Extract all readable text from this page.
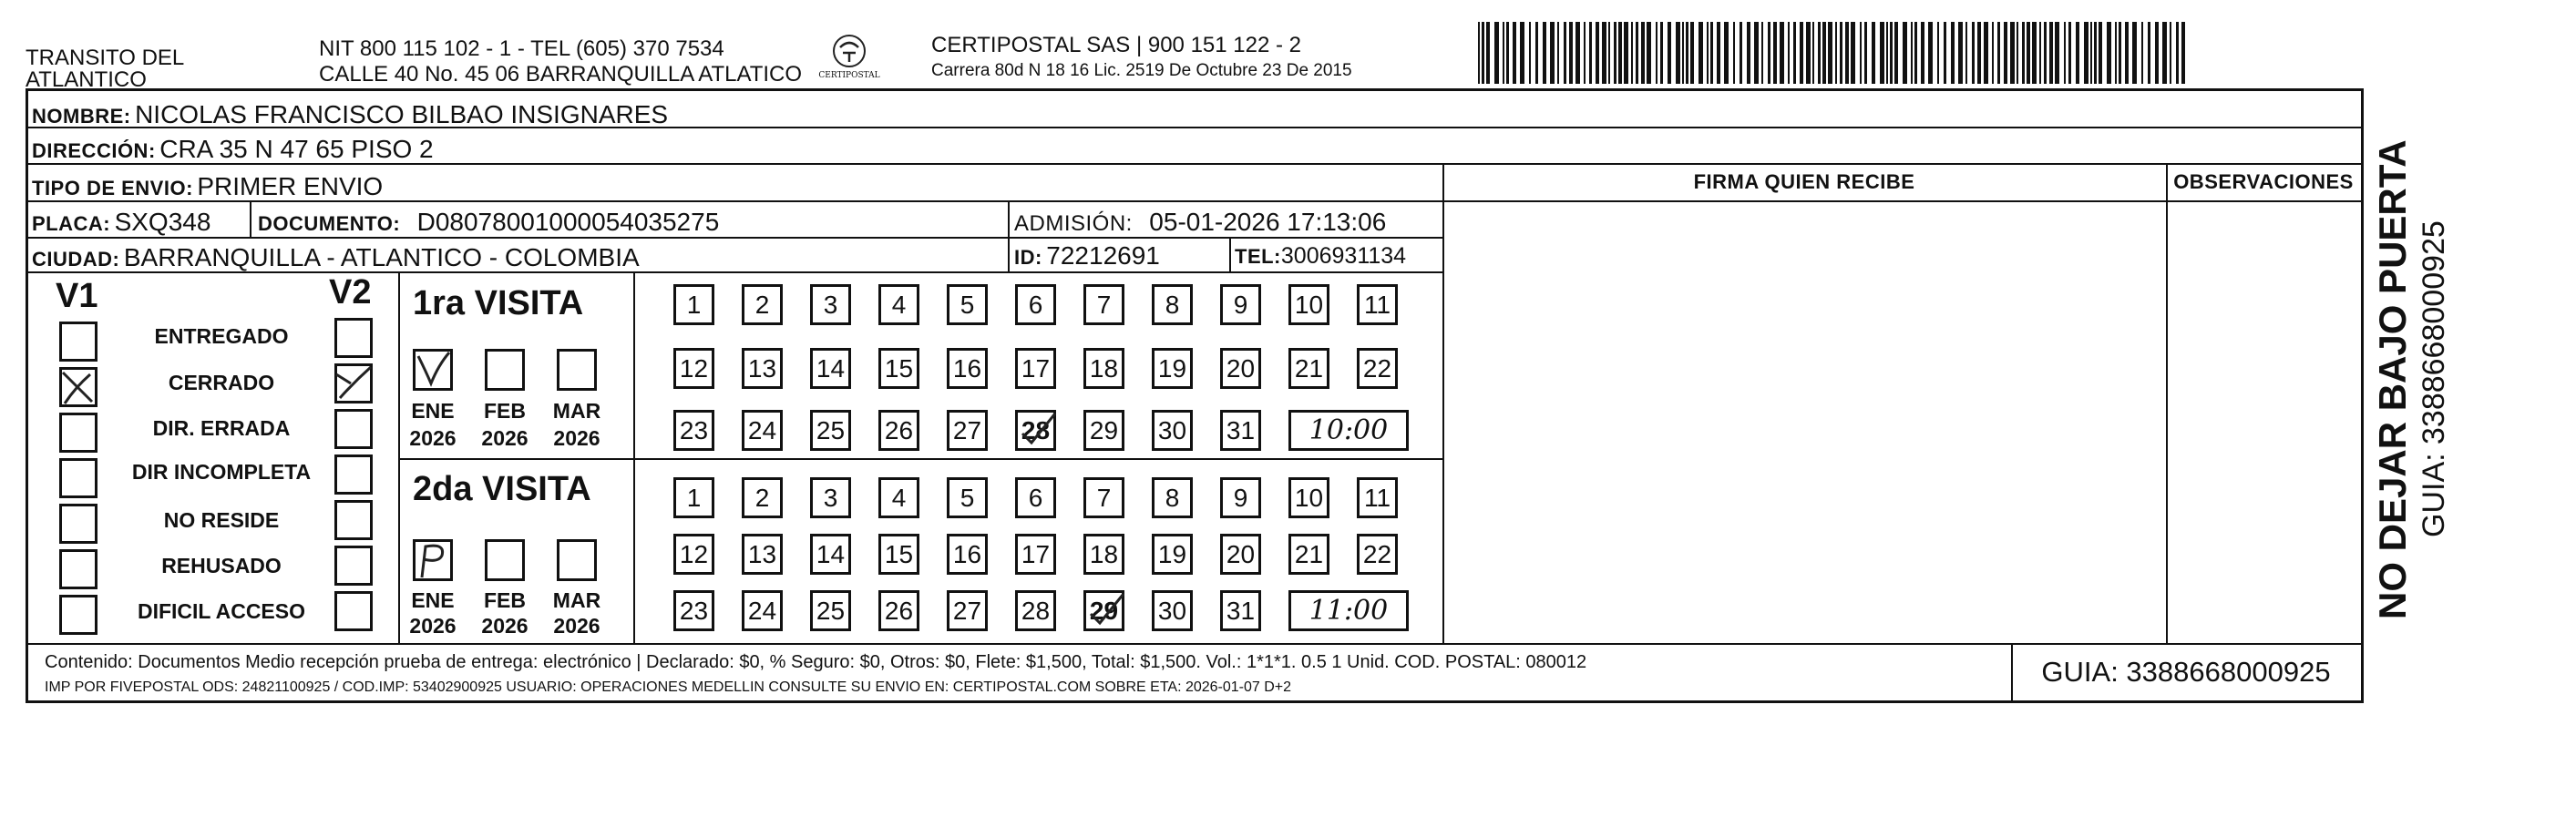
TRANSITO DEL
ATLANTICO
NIT 800 115 102 - 1 - TEL (605) 370 7534
CALLE 40 No. 45 06 BARRANQUILLA ATLATICO	CERTIPOSTAL
CERTIPOSTAL SAS | 900 151 122 - 2
Carrera 80d N 18 16 Lic. 2519 De Octubre 23 De 2015
NOMBRE: NICOLAS FRANCISCO BILBAO INSIGNARES
DIRECCIÓN: CRA 35 N 47 65 PISO 2
TIPO DE ENVIO: PRIMER ENVIO	FIRMA QUIEN RECIBE	OBSERVACIONES
PLACA: SXQ348 DOCUMENTO: D08078001000054035275	ADMISIÓN: 05-01-2026 17:13:06
CIUDAD: BARRANQUILLA - ATLANTICO - COLOMBIA	ID: 72212691	TEL:3006931134
V1	V2
ENTREGADO
CERRADO
DIR. ERRADA
DIR INCOMPLETA
NO RESIDE
REHUSADO
DIFICIL ACCESO
1ra VISITA
ENE	FEB	MAR
2026	2026	2026
2da VISITA
ENE	FEB	MAR
2026	2026	2026
Contenido: Documentos Medio recepción prueba de entrega: electrónico | Declarado: $0, % Seguro: $0, Otros: $0, Flete: $1,500, Total: $1,500. Vol.: 1*1*1. 0.5 1 Unid. COD. POSTAL: 080012
IMP POR FIVEPOSTAL ODS: 24821100925 / COD.IMP: 53402900925 USUARIO: OPERACIONES MEDELLIN CONSULTE SU ENVIO EN: CERTIPOSTAL.COM SOBRE ETA: 2026-01-07 D+2	GUIA: 3388668000925
1	2	3	4	5	6	7	8	9	10 11
12 13 14 15 16 17 18 19 20 21 22
23 24 25 26 27 28 29 30 31	10:00
1	2	3	4	5	6	7	8	9	10 11
12 13 14 15 16 17 18 19 20 21 22
23 24 25 26 27 28 29 30 31	11:00	NO DEJAR BAJO PUERTA GUIA: 3388668000925
